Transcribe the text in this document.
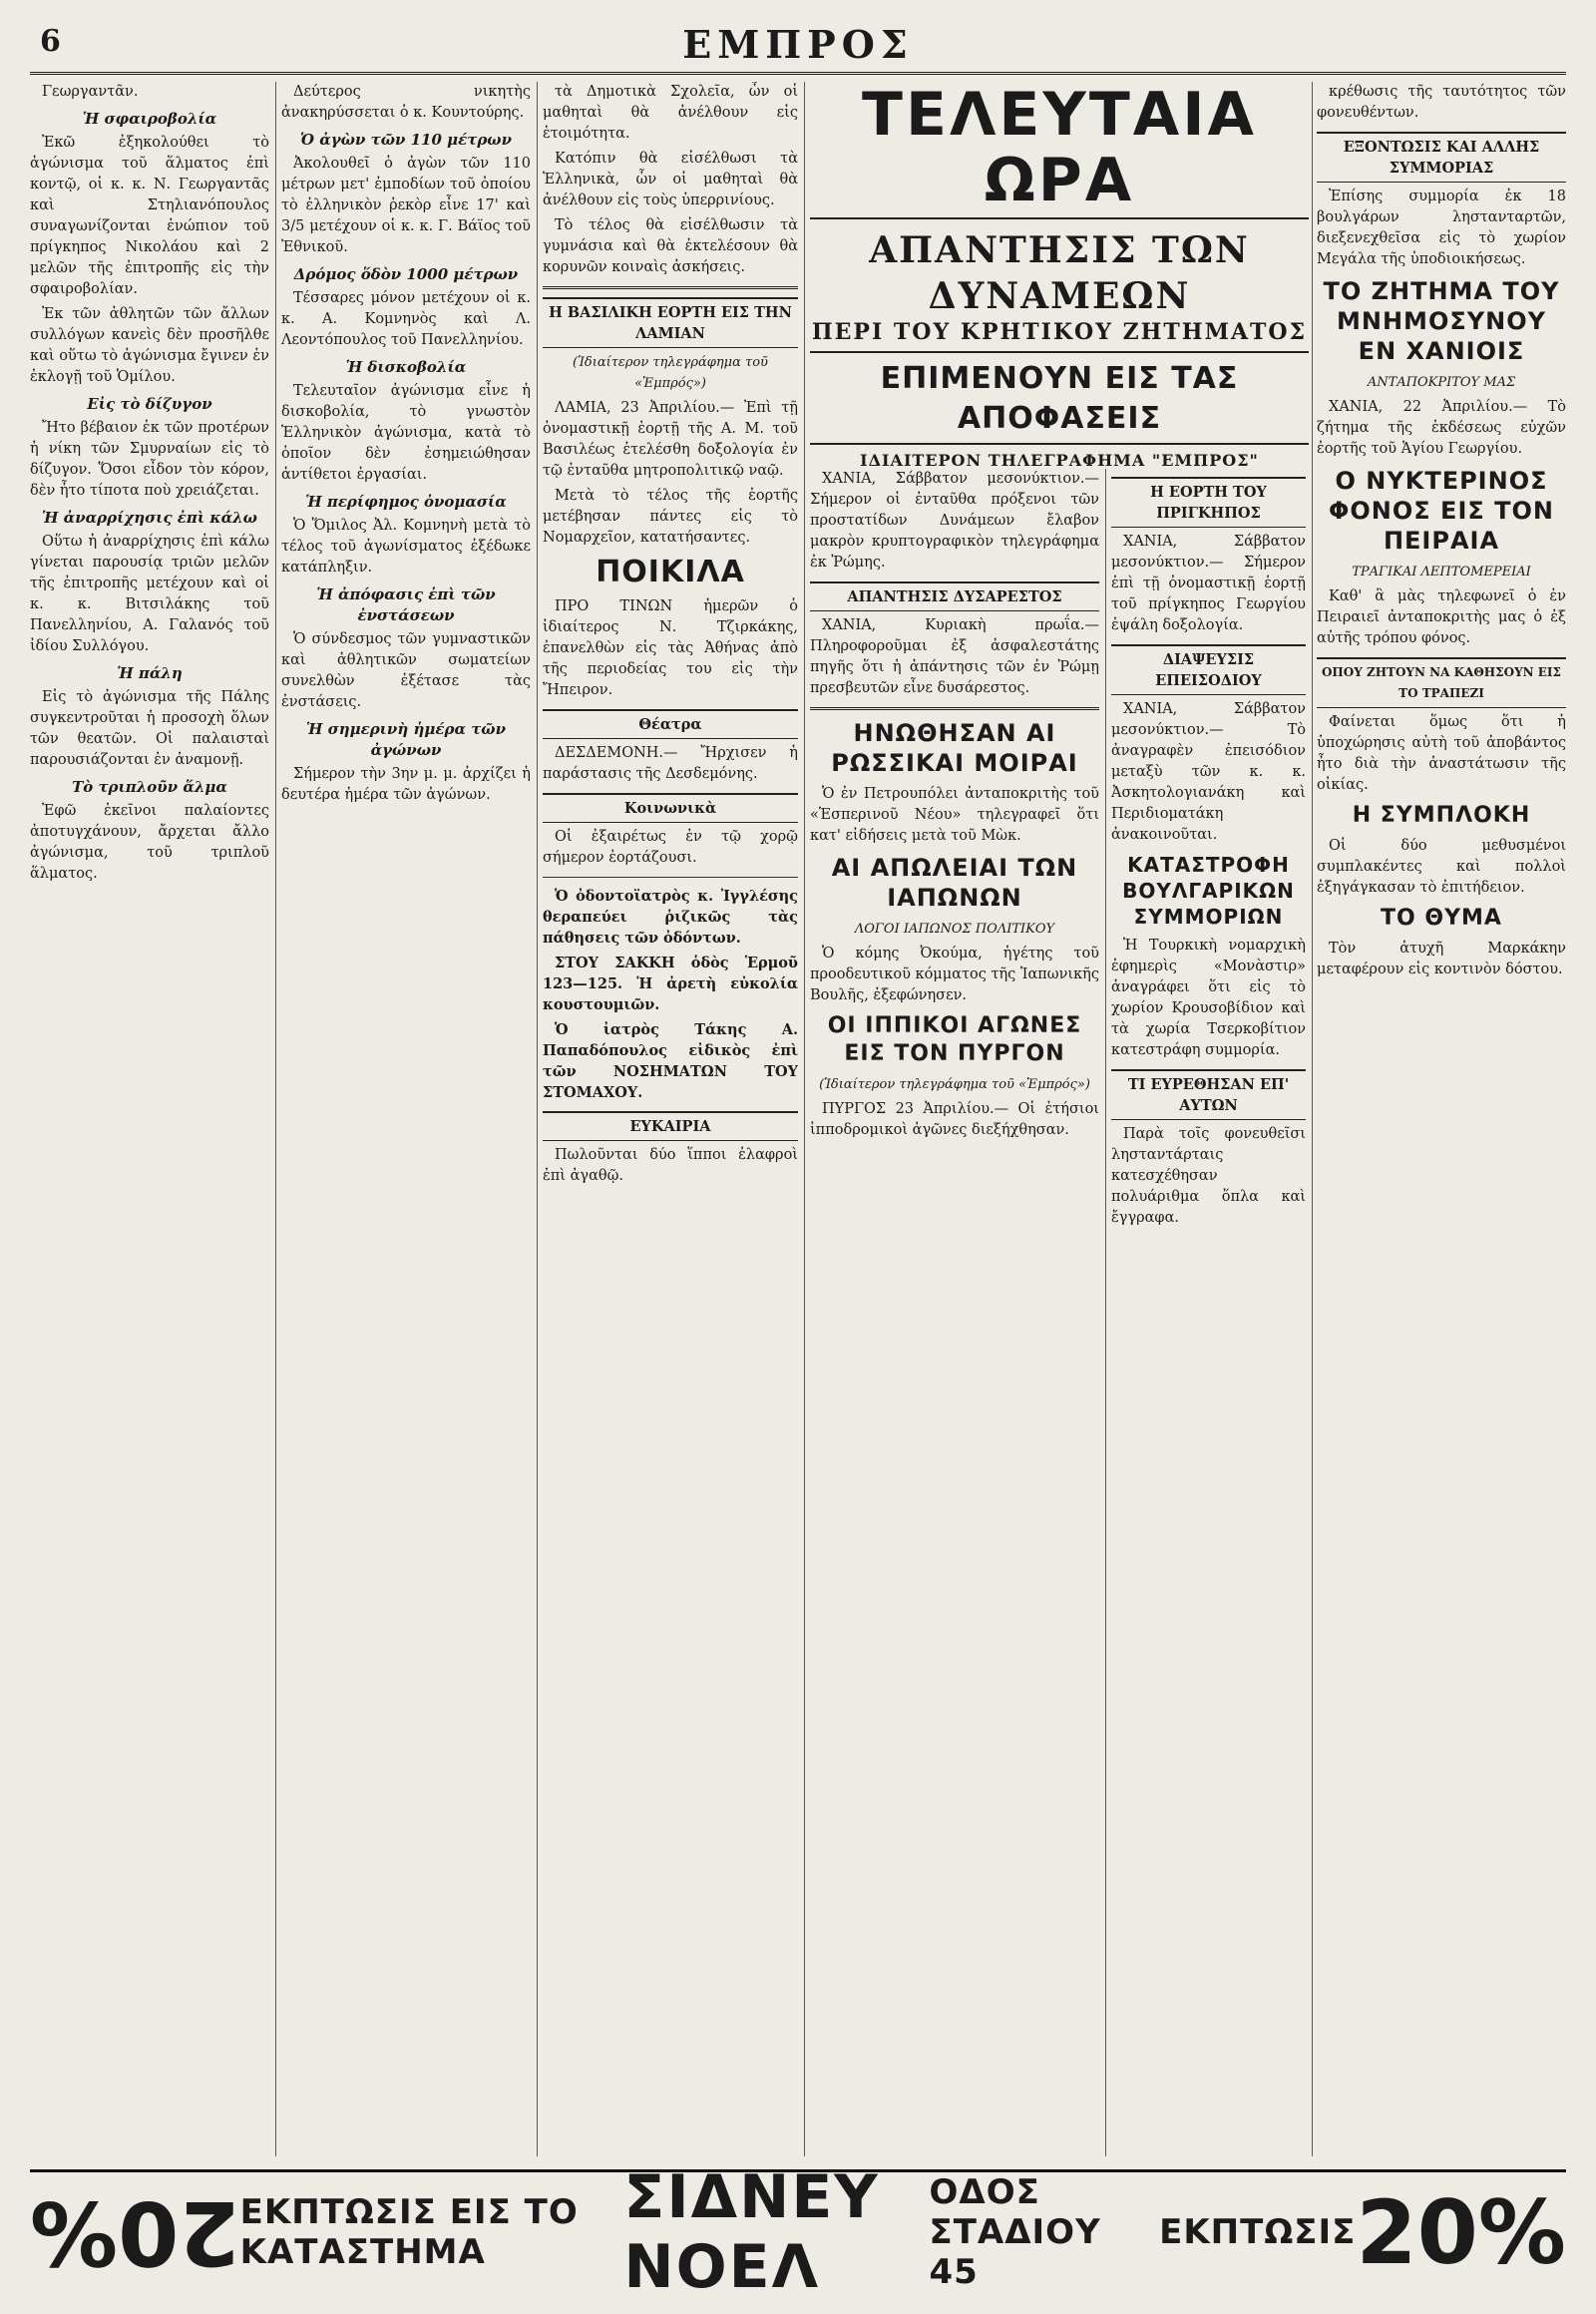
6	ΕΜΠΡΟΣ

Γεωργαντᾶν.

Ἡ σφαιροβολία

Ἐκῶ ἐξηκολούθει τὸ ἀγώνισμα τοῦ ἅλματος ἐπὶ κοντῷ, οἱ κ. κ. Ν. Γεωργαντᾶς καὶ Στηλιανόπουλος συναγωνίζονται ἐνώπιον τοῦ πρίγκηπος Νικολάου καὶ 2 μελῶν τῆς ἐπιτροπῆς εἰς τὴν σφαιροβολίαν.

Ἐκ τῶν ἀθλητῶν τῶν ἄλλων συλλόγων κανεὶς δὲν προσῆλθε καὶ οὕτω τὸ ἀγώνισμα ἔγινεν ἐν ἐκλογῇ τοῦ Ὁμίλου.

Εἰς τὸ δίζυγον

Ἤτο βέβαιον ἐκ τῶν προτέρων ἡ νίκη τῶν Σμυρναίων εἰς τὸ δίζυγον. Ὅσοι εἶδον τὸν κόρον, δὲν ἦτο τίποτα ποὺ χρειάζεται.

Ἡ ἀναρρίχησις ἐπὶ κάλω

Οὕτω ἡ ἀναρρίχησις ἐπὶ κάλω γίνεται παρουσίᾳ τριῶν μελῶν τῆς ἐπιτροπῆς μετέχουν καὶ οἱ κ. κ. Βιτσιλάκης τοῦ Πανελληνίου, Α. Γαλανός τοῦ ἰδίου Συλλόγου.

Ἡ πάλη

Εἰς τὸ ἀγώνισμα τῆς Πάλης συγκεντροῦται ἡ προσοχὴ ὅλων τῶν θεατῶν. Οἱ παλαισταὶ παρουσιάζονται ἐν ἀναμονῇ.

Τὸ τριπλοῦν ἅλμα

Ἐφῶ ἐκεῖνοι παλαίοντες ἀποτυγχάνουν, ἄρχεται ἄλλο ἀγώνισμα, τοῦ τριπλοῦ ἅλματος.

Δεύτερος νικητὴς ἀνακηρύσσεται ὁ κ. Κουντούρης.

Ὁ ἀγὼν τῶν 110 μέτρων

Ἀκολουθεῖ ὁ ἀγὼν τῶν 110 μέτρων μετ' ἐμποδίων τοῦ ὁποίου τὸ ἐλληνικὸν ῥεκὸρ εἶνε 17' καὶ 3/5 μετέχουν οἱ κ. κ. Γ. Βάϊος τοῦ Ἐθνικοῦ.

Δρόμος ὅδὸν 1000 μέτρων

Τέσσαρες μόνον μετέχουν οἱ κ. κ. Α. Κομνηνὸς καὶ Λ. Λεοντόπουλος τοῦ Πανελληνίου.

Ἡ δισκοβολία

Τελευταῖον ἀγώνισμα εἶνε ἡ δισκοβολία, τὸ γνωστὸν Ἑλληνικὸν ἀγώνισμα, κατὰ τὸ ὁποῖον δὲν ἐσημειώθησαν ἀντίθετοι ἐργασίαι.

Ἡ περίφημος ὀνομασία

Ὁ Ὅμιλος Ἀλ. Κομνηνὴ μετὰ τὸ τέλος τοῦ ἀγωνίσματος ἐξέδωκε κατάπληξιν.

Ἡ ἀπόφασις ἐπὶ τῶν ἐνστάσεων

Ὁ σύνδεσμος τῶν γυμναστικῶν καὶ ἀθλητικῶν σωματείων συνελθὼν ἐξέτασε τὰς ἐνστάσεις.

Ἡ σημερινὴ ἡμέρα τῶν ἀγώνων

Σήμερον τὴν 3ην μ. μ. ἀρχίζει ἡ δευτέρα ἡμέρα τῶν ἀγώνων.

τὰ Δημοτικὰ Σχολεῖα, ὧν οἱ μαθηταὶ θὰ ἀνέλθουν εἰς ἑτοιμότητα.

Κατόπιν θὰ εἰσέλθωσι τὰ Ἑλληνικὰ, ὧν οἱ μαθηταὶ θὰ ἀνέλθουν εἰς τοὺς ὑπερρινίους.

Τὸ τέλος θὰ εἰσέλθωσιν τὰ γυμνάσια καὶ θὰ ἐκτελέσουν θὰ κορυνῶν κοιναὶς ἀσκήσεις.

Η ΒΑΣΙΛΙΚΗ ΕΟΡΤΗ ΕΙΣ ΤΗΝ ΛΑΜΙΑΝ
(Ἰδιαίτερον τηλεγράφημα τοῦ «Ἐμπρός»)

ΛΑΜΙΑ, 23 Ἀπριλίου.— Ἐπὶ τῇ ὀνομαστικῇ ἑορτῇ τῆς Α. Μ. τοῦ Βασιλέως ἐτελέσθη δοξολογία ἐν τῷ ἐνταῦθα μητροπολιτικῷ ναῷ.

Μετὰ τὸ τέλος τῆς ἑορτῆς μετέβησαν πάντες εἰς τὸ Νομαρχεῖον, κατατήσαντες.

ΠΟΙΚΙΛΑ

ΠΡΟ ΤΙΝΩΝ ἡμερῶν ὁ ἰδιαίτερος Ν. Τζιρκάκης, ἐπανελθὼν εἰς τὰς Ἀθήνας ἀπὸ τῆς περιοδείας του εἰς τὴν Ἤπειρον.

Θέατρα

ΔΕΣΔΕΜΟΝΗ.— Ἤρχισεν ἡ παράστασις τῆς Δεσδεμόνης.

Κοινωνικὰ

Οἱ ἐξαιρέτως ἐν τῷ χορῷ σήμερον ἐορτάζουσι.

Ὁ ὀδοντοϊατρὸς κ. Ἰγγλέσης θεραπεύει ῥιζικῶς τὰς πάθησεις τῶν ὀδόντων.

ΣΤΟΥ ΣΑΚΚΗ ὁδὸς Ἑρμοῦ 123—125. Ἡ ἀρετὴ εὐκολία κουστουμιῶν.

Ὁ ἰατρὸς Τάκης Α. Παπαδόπουλος εἰδικὸς ἐπὶ τῶν ΝΟΣΗΜΑΤΩΝ ΤΟΥ ΣΤΟΜΑΧΟΥ.

ΕΥΚΑΙΡΙΑ

Πωλοῦνται δύο ἵπποι ἐλαφροὶ ἐπὶ ἀγαθῷ.

ΤΕΛΕΥΤΑΙΑ ΩΡΑ
ΑΠΑΝΤΗΣΙΣ ΤΩΝ ΔΥΝΑΜΕΩΝ
ΠΕΡΙ ΤΟΥ ΚΡΗΤΙΚΟΥ ΖΗΤΗΜΑΤΟΣ
ΕΠΙΜΕΝΟΥΝ ΕΙΣ ΤΑΣ ΑΠΟΦΑΣΕΙΣ
ΙΔΙΑΙΤΕΡΟΝ ΤΗΛΕΓΡΑΦΗΜΑ "ΕΜΠΡΟΣ"

ΧΑΝΙΑ, Σάββατον μεσονύκτιον.— Σήμερον οἱ ἐνταῦθα πρόξενοι τῶν προστατίδων Δυνάμεων ἔλαβον μακρὸν κρυπτογραφικὸν τηλεγράφημα ἐκ Ῥώμης.

ΑΠΑΝΤΗΣΙΣ ΔΥΣΑΡΕΣΤΟΣ

ΧΑΝΙΑ, Κυριακὴ πρωΐα.— Πληροφοροῦμαι ἐξ ἀσφαλεστάτης πηγῆς ὅτι ἡ ἀπάντησις τῶν ἐν Ῥώμῃ πρεσβευτῶν εἶνε δυσάρεστος.

ΗΝΩΘΗΣΑΝ ΑΙ ΡΩΣΣΙΚΑΙ ΜΟΙΡΑΙ

Ὁ ἐν Πετρουπόλει ἀνταποκριτὴς τοῦ «Ἑσπερινοῦ Νέου» τηλεγραφεῖ ὅτι κατ' εἰδήσεις μετὰ τοῦ Μὼκ.

ΑΙ ΑΠΩΛΕΙΑΙ ΤΩΝ ΙΑΠΩΝΩΝ
ΛΟΓΟΙ ΙΑΠΩΝΟΣ ΠΟΛΙΤΙΚΟΥ

Ὁ κόμης Ὀκούμα, ἡγέτης τοῦ προοδευτικοῦ κόμματος τῆς Ἰαπωνικῆς Βουλῆς, ἐξεφώνησεν.

ΟΙ ΙΠΠΙΚΟΙ ΑΓΩΝΕΣ ΕΙΣ ΤΟΝ ΠΥΡΓΟΝ
(Ἰδιαίτερον τηλεγράφημα τοῦ «Ἐμπρός»)

ΠΥΡΓΟΣ 23 Ἀπριλίου.— Οἱ ἐτήσιοι ἱπποδρομικοὶ ἀγῶνες διεξήχθησαν.

Η ΕΟΡΤΗ ΤΟΥ ΠΡΙΓΚΗΠΟΣ

ΧΑΝΙΑ, Σάββατον μεσονύκτιον.— Σήμερον ἐπὶ τῇ ὀνομαστικῇ ἑορτῇ τοῦ πρίγκηπος Γεωργίου ἐψάλη δοξολογία.

ΔΙΑΨΕΥΣΙΣ ΕΠΕΙΣΟΔΙΟΥ

ΧΑΝΙΑ, Σάββατον μεσονύκτιον.— Τὸ ἀναγραφὲν ἐπεισόδιον μεταξὺ τῶν κ. κ. Ἀσκητολογιανάκη καὶ Περιδιοματάκη ἀνακοινοῦται.

ΚΑΤΑΣΤΡΟΦΗ ΒΟΥΛΓΑΡΙΚΩΝ ΣΥΜΜΟΡΙΩΝ

Ἡ Τουρκικὴ νομαρχικὴ ἐφημερὶς «Μονὰστιρ» ἀναγράφει ὅτι εἰς τὸ χωρίον Κρουσοβίδιον καὶ τὰ χωρία Τσερκοβίτιον κατεστράφη συμμορία.

ΤΙ ΕΥΡΕΘΗΣΑΝ ΕΠ' ΑΥΤΩΝ

Παρὰ τοῖς φονευθεῖσι λησταντάρταις κατεσχέθησαν πολυάριθμα ὅπλα καὶ ἔγγραφα.

κρέθωσις τῆς ταυτότητος τῶν φονευθέντων.

ΕΞΟΝΤΩΣΙΣ ΚΑΙ ΑΛΛΗΣ ΣΥΜΜΟΡΙΑΣ

Ἐπίσης συμμορία ἐκ 18 βουλγάρων ληστανταρτῶν, διεξενεχθεῖσα εἰς τὸ χωρίον Μεγάλα τῆς ὑποδιοικήσεως.

ΤΟ ΖΗΤΗΜΑ ΤΟΥ ΜΝΗΜΟΣΥΝΟΥ ΕΝ ΧΑΝΙΟΙΣ
ΑΝΤΑΠΟΚΡΙΤΟΥ ΜΑΣ

ΧΑΝΙΑ, 22 Ἀπριλίου.— Τὸ ζήτημα τῆς ἐκδέσεως εὐχῶν ἐορτῆς τοῦ Ἁγίου Γεωργίου.

Ο ΝΥΚΤΕΡΙΝΟΣ ΦΟΝΟΣ ΕΙΣ ΤΟΝ ΠΕΙΡΑΙΑ
ΤΡΑΓΙΚΑΙ ΛΕΠΤΟΜΕΡΕΙΑΙ

Καθ' ἃ μὰς τηλεφωνεῖ ὁ ἐν Πειραιεῖ ἀνταποκριτὴς μας ὁ ἐξ αὐτῆς τρόπου φόνος.

ΟΠΟΥ ΖΗΤΟΥΝ ΝΑ ΚΑΘΗΣΟΥΝ ΕΙΣ ΤΟ ΤΡΑΠΕΖΙ

Φαίνεται ὅμως ὅτι ἡ ὑποχώρησις αὐτὴ τοῦ ἀποβάντος ἦτο διὰ τὴν ἀναστάτωσιν τῆς οἰκίας.

Η ΣΥΜΠΛΟΚΗ

Οἱ δύο μεθυσμένοι συμπλακέντες καὶ πολλοὶ ἐξηγάγκασαν τὸ ἐπιτήδειον.

ΤΟ ΘΥΜΑ

Τὸν ἀτυχῆ Μαρκάκην μεταφέρουν εἰς κοντινὸν δόστου.

20% ΕΚΠΤΩΣΙΣ ΕΙΣ ΤΟ ΚΑΤΑΣΤΗΜΑ
ΣΙΔΝΕΥ ΝΟΕΛ
ΟΔΟΣ ΣΤΑΔΙΟΥ 45
ΕΚΠΤΩΣΙΣ 20%
